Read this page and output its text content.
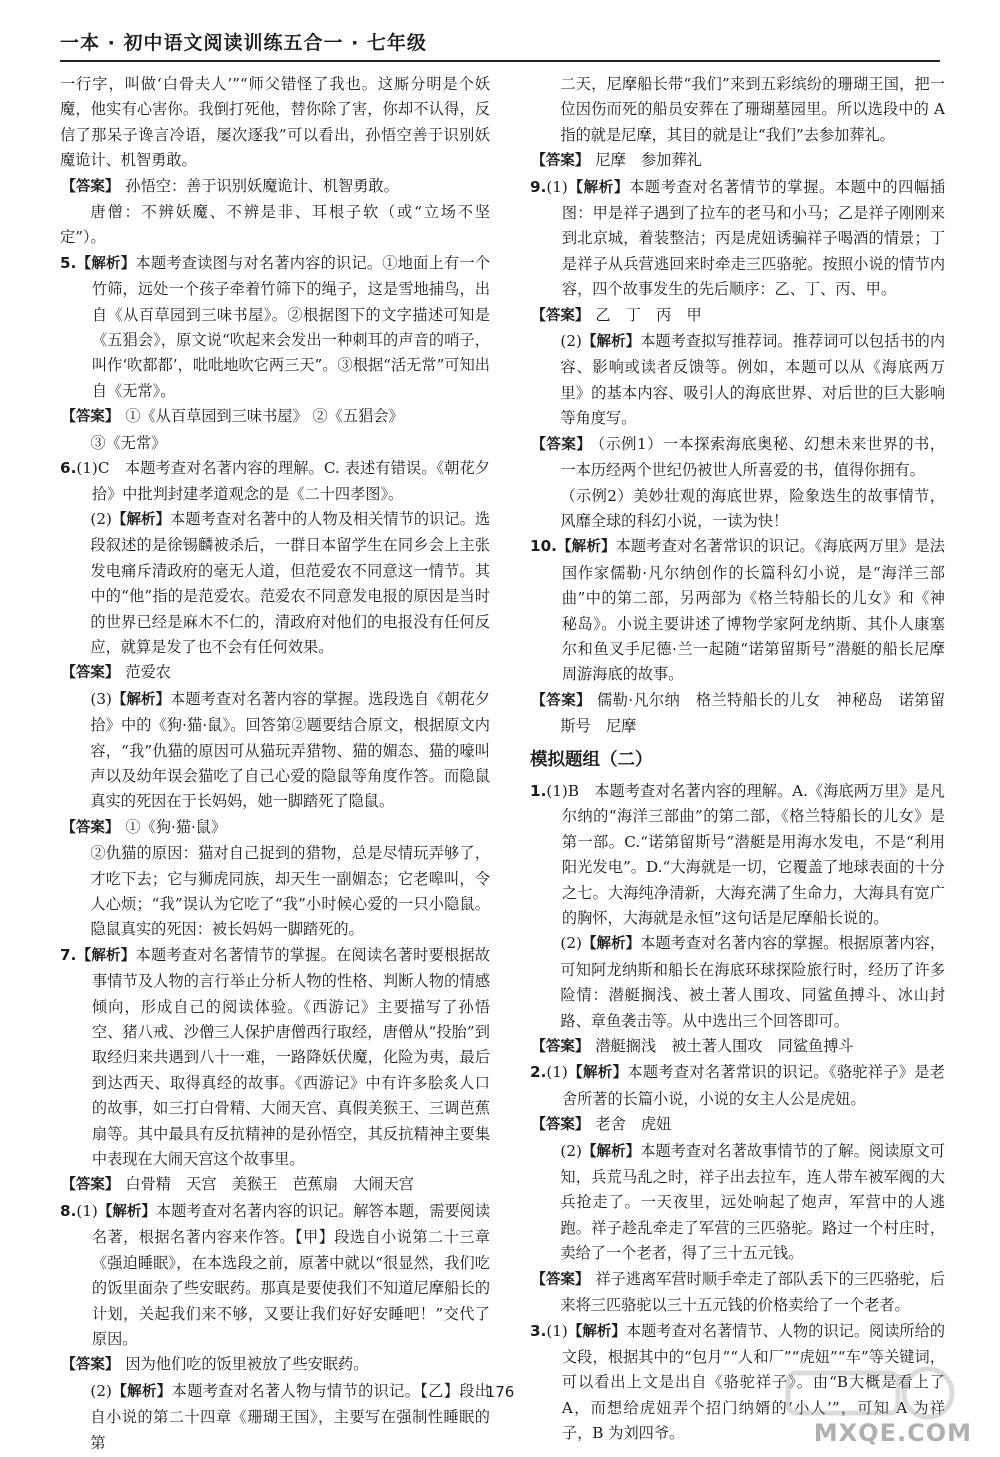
一本 · 初中语文阅读训练五合一 · 七年级

一行字，叫做‘白骨夫人’”“师父错怪了我也。这厮分明是个妖魔，他实有心害你。我倒打死他，替你除了害，你却不认得，反信了那呆子谗言冷语，屡次逐我”可以看出，孙悟空善于识别妖魔诡计、机智勇敢。

【答案】 孙悟空：善于识别妖魔诡计、机智勇敢。

唐僧：不辨妖魔、不辨是非、耳根子软（或“立场不坚定”）。

5.【解析】本题考查读图与对名著内容的识记。①地面上有一个竹筛，远处一个孩子牵着竹筛下的绳子，这是雪地捕鸟，出自《从百草园到三味书屋》。②根据图下的文字描述可知是《五猖会》，原文说“吹起来会发出一种刺耳的声音的哨子，叫作‘吹都都’，吡吡地吹它两三天”。③根据“活无常”可知出自《无常》。

【答案】 ①《从百草园到三味书屋》 ②《五猖会》

③《无常》

6.(1)C　本题考查对名著内容的理解。C. 表述有错误。《朝花夕拾》中批判封建孝道观念的是《二十四孝图》。

(2)【解析】本题考查对名著中的人物及相关情节的识记。选段叙述的是徐锡麟被杀后，一群日本留学生在同乡会上主张发电痛斥清政府的毫无人道，但范爱农不同意这一情节。其中的“他”指的是范爱农。范爱农不同意发电报的原因是当时的世界已经是麻木不仁的，清政府对他们的电报没有任何反应，就算是发了也不会有任何效果。

【答案】 范爱农

(3)【解析】本题考查对名著内容的掌握。选段选自《朝花夕拾》中的《狗·猫·鼠》。回答第②题要结合原文，根据原文内容，“我”仇猫的原因可从猫玩弄猎物、猫的媚态、猫的嚎叫声以及幼年误会猫吃了自己心爱的隐鼠等角度作答。而隐鼠真实的死因在于长妈妈，她一脚踏死了隐鼠。

【答案】 ①《狗·猫·鼠》

②仇猫的原因：猫对自己捉到的猎物，总是尽情玩弄够了，才吃下去；它与狮虎同族，却天生一副媚态；它老嗥叫，令人心烦；“我”误认为它吃了“我”小时候心爱的一只小隐鼠。隐鼠真实的死因：被长妈妈一脚踏死的。

7.【解析】本题考查对名著情节的掌握。在阅读名著时要根据故事情节及人物的言行举止分析人物的性格、判断人物的情感倾向，形成自己的阅读体验。《西游记》主要描写了孙悟空、猪八戒、沙僧三人保护唐僧西行取经，唐僧从“投胎”到取经归来共遇到八十一难，一路降妖伏魔，化险为夷，最后到达西天、取得真经的故事。《西游记》中有许多脍炙人口的故事，如三打白骨精、大闹天宫、真假美猴王、三调芭蕉扇等。其中最具有反抗精神的是孙悟空，其反抗精神主要集中表现在大闹天宫这个故事里。

【答案】 白骨精　天宫　美猴王　芭蕉扇　大闹天宫

8.(1)【解析】本题考查对名著内容的识记。解答本题，需要阅读名著，根据名著内容来作答。【甲】段选自小说第二十三章《强迫睡眠》，在本选段之前，原著中就以“很显然，我们吃的饭里面杂了些安眠药。那真是要使我们不知道尼摩船长的计划，关起我们来不够，又要让我们好好安睡吧！”交代了原因。

【答案】 因为他们吃的饭里被放了些安眠药。

(2)【解析】本题考查对名著人物与情节的识记。【乙】段出自小说的第二十四章《珊瑚王国》，主要写在强制性睡眠的第

二天，尼摩船长带“我们”来到五彩缤纷的珊瑚王国，把一位因伤而死的船员安葬在了珊瑚墓园里。所以选段中的 A 指的就是尼摩，其目的就是让“我们”去参加葬礼。

【答案】 尼摩　参加葬礼

9.(1)【解析】本题考查对名著情节的掌握。本题中的四幅插图：甲是祥子遇到了拉车的老马和小马；乙是祥子刚刚来到北京城，着装整洁；丙是虎妞诱骗祥子喝酒的情景；丁是祥子从兵营逃回来时牵走三匹骆驼。按照小说的情节内容，四个故事发生的先后顺序：乙、丁、丙、甲。

【答案】 乙　丁　丙　甲

(2)【解析】本题考查拟写推荐词。推荐词可以包括书的内容、影响或读者反馈等。例如，本题可以从《海底两万里》的基本内容、吸引人的海底世界、对后世的巨大影响等角度写。

【答案】 （示例1）一本探索海底奥秘、幻想未来世界的书，一本历经两个世纪仍被世人所喜爱的书，值得你拥有。

（示例2）美妙壮观的海底世界，险象迭生的故事情节，风靡全球的科幻小说，一读为快！

10.【解析】本题考查对名著常识的识记。《海底两万里》是法国作家儒勒·凡尔纳创作的长篇科幻小说，是“海洋三部曲”中的第二部，另两部为《格兰特船长的儿女》和《神秘岛》。小说主要讲述了博物学家阿龙纳斯、其仆人康塞尔和鱼叉手尼德·兰一起随“诺第留斯号”潜艇的船长尼摩周游海底的故事。

【答案】 儒勒·凡尔纳　格兰特船长的儿女　神秘岛　诺第留斯号　尼摩

模拟题组（二）

1.(1)B　本题考查对名著内容的理解。A.《海底两万里》是凡尔纳的“海洋三部曲”的第二部，《格兰特船长的儿女》是第一部。C.“诺第留斯号”潜艇是用海水发电，不是“利用阳光发电”。D.“大海就是一切，它覆盖了地球表面的十分之七。大海纯净清新，大海充满了生命力，大海具有宽广的胸怀，大海就是永恒”这句话是尼摩船长说的。

(2)【解析】本题考查对名著内容的掌握。根据原著内容，可知阿龙纳斯和船长在海底环球探险旅行时，经历了许多险情：潜艇搁浅、被土著人围攻、同鲨鱼搏斗、冰山封路、章鱼袭击等。从中选出三个回答即可。

【答案】 潜艇搁浅　被土著人围攻　同鲨鱼搏斗

2.(1)【解析】本题考查对名著常识的识记。《骆驼祥子》是老舍所著的长篇小说，小说的女主人公是虎妞。

【答案】 老舍　虎妞

(2)【解析】本题考查对名著故事情节的了解。阅读原文可知，兵荒马乱之时，祥子出去拉车，连人带车被军阀的大兵抢走了。一天夜里，远处响起了炮声，军营中的人逃跑。祥子趁乱牵走了军营的三匹骆驼。路过一个村庄时，卖给了一个老者，得了三十五元钱。

【答案】 祥子逃离军营时顺手牵走了部队丢下的三匹骆驼，后来将三匹骆驼以三十五元钱的价格卖给了一个老者。

3.(1)【解析】本题考查对名著情节、人物的识记。阅读所给的文段，根据其中的“包月”“人和厂”“虎妞”“车”等关键词，可以看出上文是出自《骆驼祥子》。由“B大概是看上了 A，而想给虎妞弄个招门纳婿的‘小人’”，可知 A 为祥子，B 为刘四爷。

176
MXQE.COM
